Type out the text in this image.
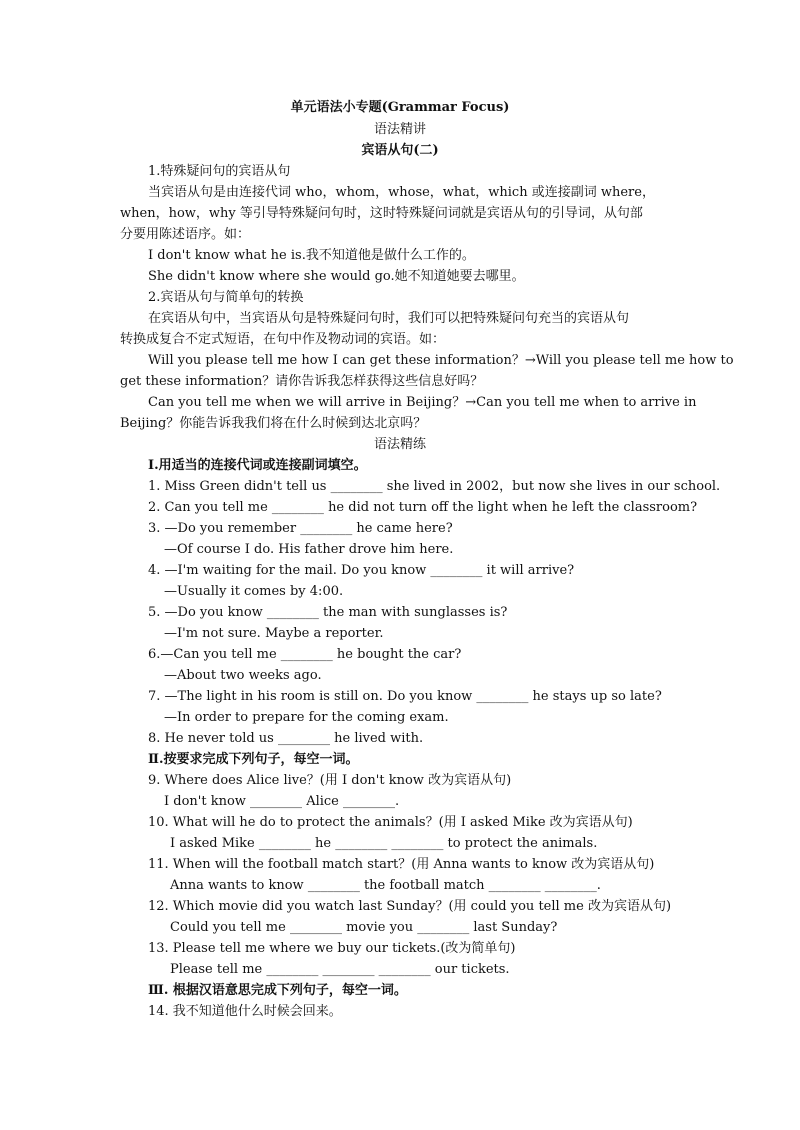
单元语法小专题(Grammar Focus)
语法精讲
宾语从句(二)
1.特殊疑问句的宾语从句
当宾语从句是由连接代词 who，whom，whose，what，which 或连接副词 where，
when，how，why 等引导特殊疑问句时，这时特殊疑问词就是宾语从句的引导词，从句部
分要用陈述语序。如：
I don't know what he is.我不知道他是做什么工作的。
She didn't know where she would go.她不知道她要去哪里。
2.宾语从句与简单句的转换
在宾语从句中，当宾语从句是特殊疑问句时，我们可以把特殊疑问句充当的宾语从句
转换成复合不定式短语，在句中作及物动词的宾语。如：
Will you please tell me how I can get these information？→Will you please tell me how to
get these information？请你告诉我怎样获得这些信息好吗？
Can you tell me when we will arrive in Beijing？→Can you tell me when to arrive in
Beijing？你能告诉我我们将在什么时候到达北京吗？
语法精练
Ⅰ.用适当的连接代词或连接副词填空。
1. Miss Green didn't tell us ________ she lived in 2002，but now she lives in our school.
2. Can you tell me ________ he did not turn off the light when he left the classroom?
3. —Do you remember ________ he came here?
—Of course I do. His father drove him here.
4. —I'm waiting for the mail. Do you know ________ it will arrive?
—Usually it comes by 4:00.
5. —Do you know ________ the man with sunglasses is?
—I'm not sure. Maybe a reporter.
6.—Can you tell me ________ he bought the car?
—About two weeks ago.
7. —The light in his room is still on. Do you know ________ he stays up so late?
—In order to prepare for the coming exam.
8. He never told us ________ he lived with.
Ⅱ.按要求完成下列句子，每空一词。
9. Where does Alice live？(用 I don't know 改为宾语从句)
I don't know ________ Alice ________.
10. What will he do to protect the animals？(用 I asked Mike 改为宾语从句)
I asked Mike ________ he ________ ________ to protect the animals.
11. When will the football match start？(用 Anna wants to know 改为宾语从句)
Anna wants to know ________ the football match ________ ________.
12. Which movie did you watch last Sunday？(用 could you tell me 改为宾语从句)
Could you tell me ________ movie you ________ last Sunday?
13. Please tell me where we buy our tickets.(改为简单句)
Please tell me ________ ________ ________ our tickets.
Ⅲ. 根据汉语意思完成下列句子，每空一词。
14. 我不知道他什么时候会回来。
